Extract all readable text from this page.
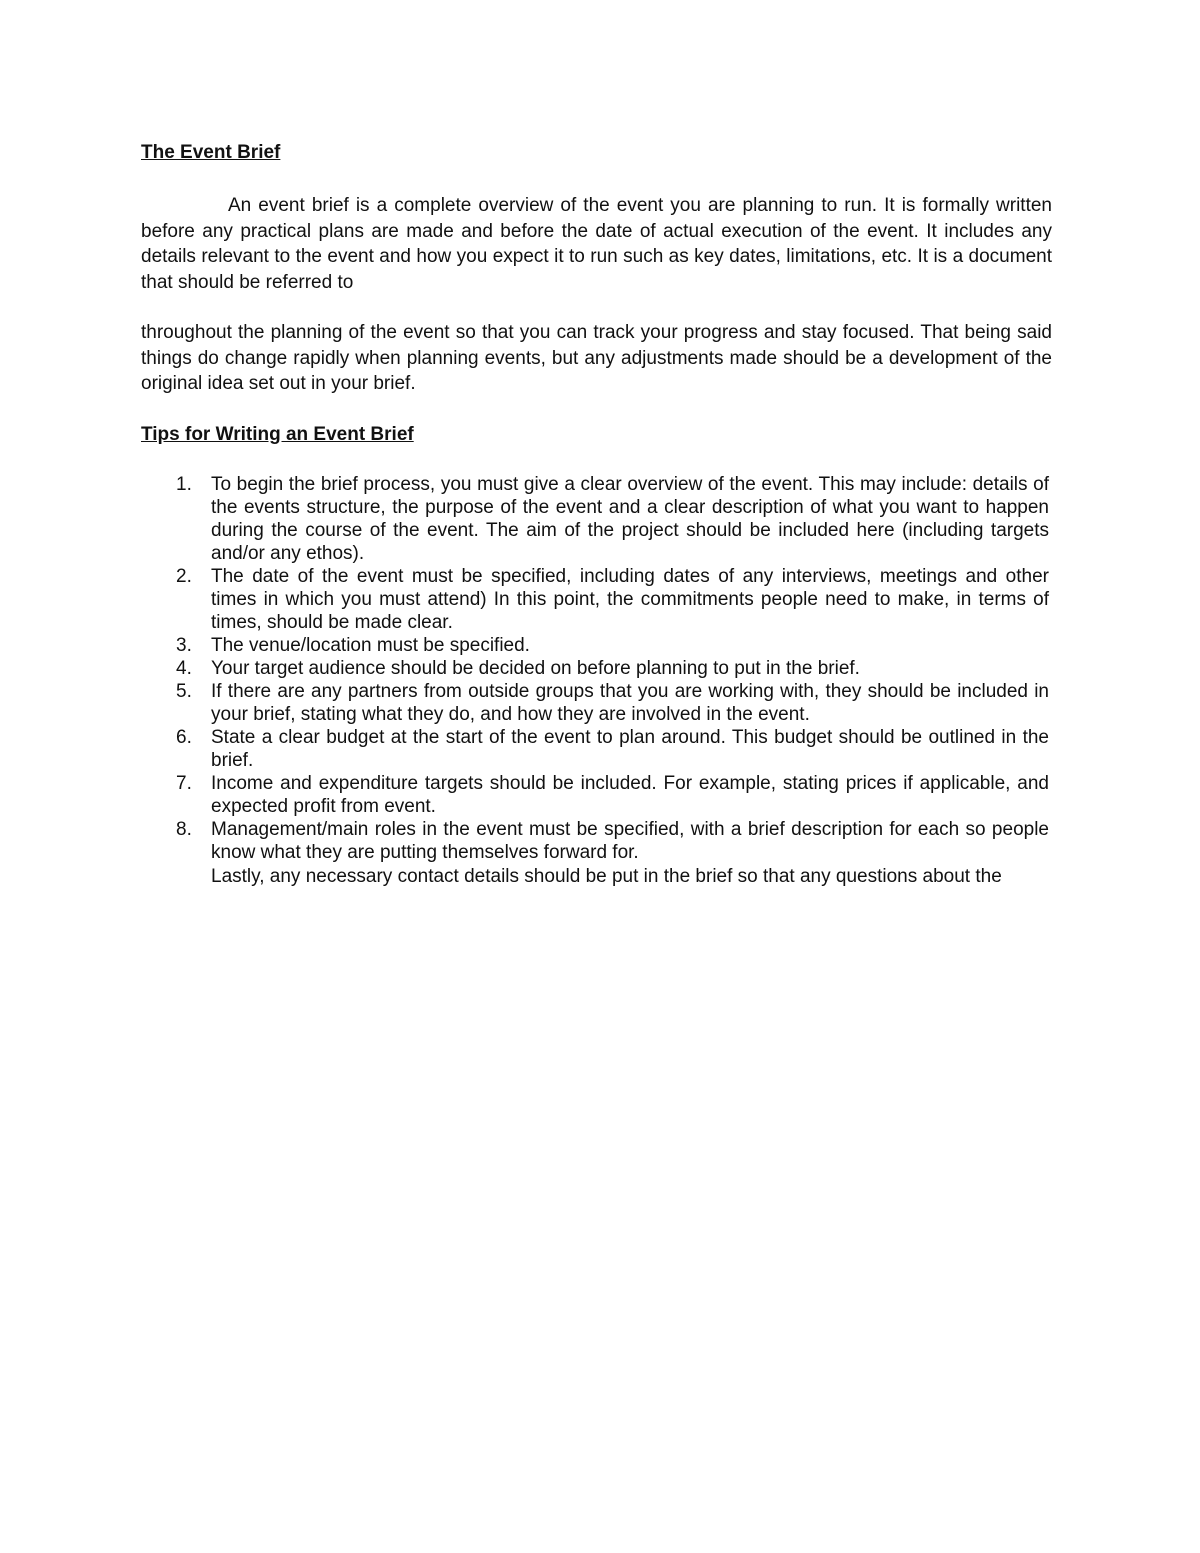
The Event Brief

An event brief is a complete overview of the event you are planning to run. It is formally written before any practical plans are made and before the date of actual execution of the event. It includes any details relevant to the event and how you expect it to run such as key dates, limitations, etc. It is a document that should be referred to

throughout the planning of the event so that you can track your progress and stay focused. That being said things do change rapidly when planning events, but any adjustments made should be a development of the original idea set out in your brief.

Tips for Writing an Event Brief
1. To begin the brief process, you must give a clear overview of the event. This may include: details of the events structure, the purpose of the event and a clear description of what you want to happen during the course of the event. The aim of the project should be included here (including targets and/or any ethos).
2. The date of the event must be specified, including dates of any interviews, meetings and other times in which you must attend) In this point, the commitments people need to make, in terms of times, should be made clear.
3. The venue/location must be specified.
4. Your target audience should be decided on before planning to put in the brief.
5. If there are any partners from outside groups that you are working with, they should be included in your brief, stating what they do, and how they are involved in the event.
6. State a clear budget at the start of the event to plan around. This budget should be outlined in the brief.
7. Income and expenditure targets should be included. For example, stating prices if applicable, and expected profit from event.
8. Management/main roles in the event must be specified, with a brief description for each so people know what they are putting themselves forward for.

Lastly, any necessary contact details should be put in the brief so that any questions about the
